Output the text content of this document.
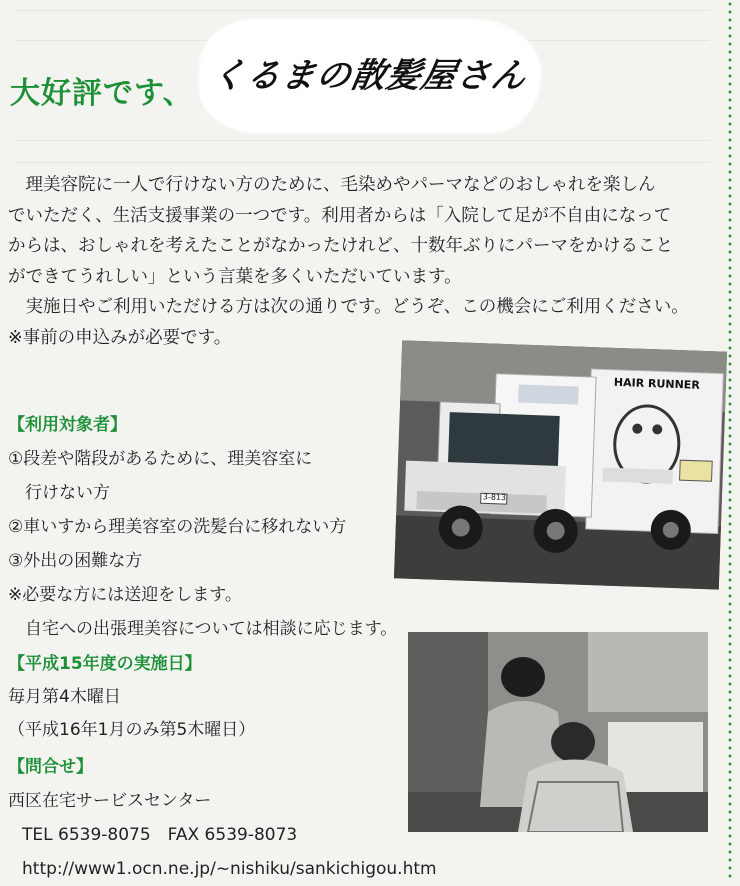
大好評です、 くるまの散髪屋さん
　理美容院に一人で行けない方のために、毛染めやパーマなどのおしゃれを楽しん
でいただく、生活支援事業の一つです。利用者からは「入院して足が不自由になって
からは、おしゃれを考えたことがなかったけれど、十数年ぶりにパーマをかけること
ができてうれしい」という言葉を多くいただいています。
　実施日やご利用いただける方は次の通りです。どうぞ、この機会にご利用ください。
※事前の申込みが必要です。
HAIR RUNNER
3-813
【利用対象者】
①段差や階段があるために、理美容室に
　行けない方
②車いすから理美容室の洗髪台に移れない方
③外出の困難な方
※必要な方には送迎をします。
　自宅への出張理美容については相談に応じます。
【平成15年度の実施日】
毎月第4木曜日
（平成16年1月のみ第5木曜日）
【問合せ】
西区在宅サービスセンター
TEL 6539-8075　FAX 6539-8073
http://www1.ocn.ne.jp/~nishiku/sankichigou.htm
